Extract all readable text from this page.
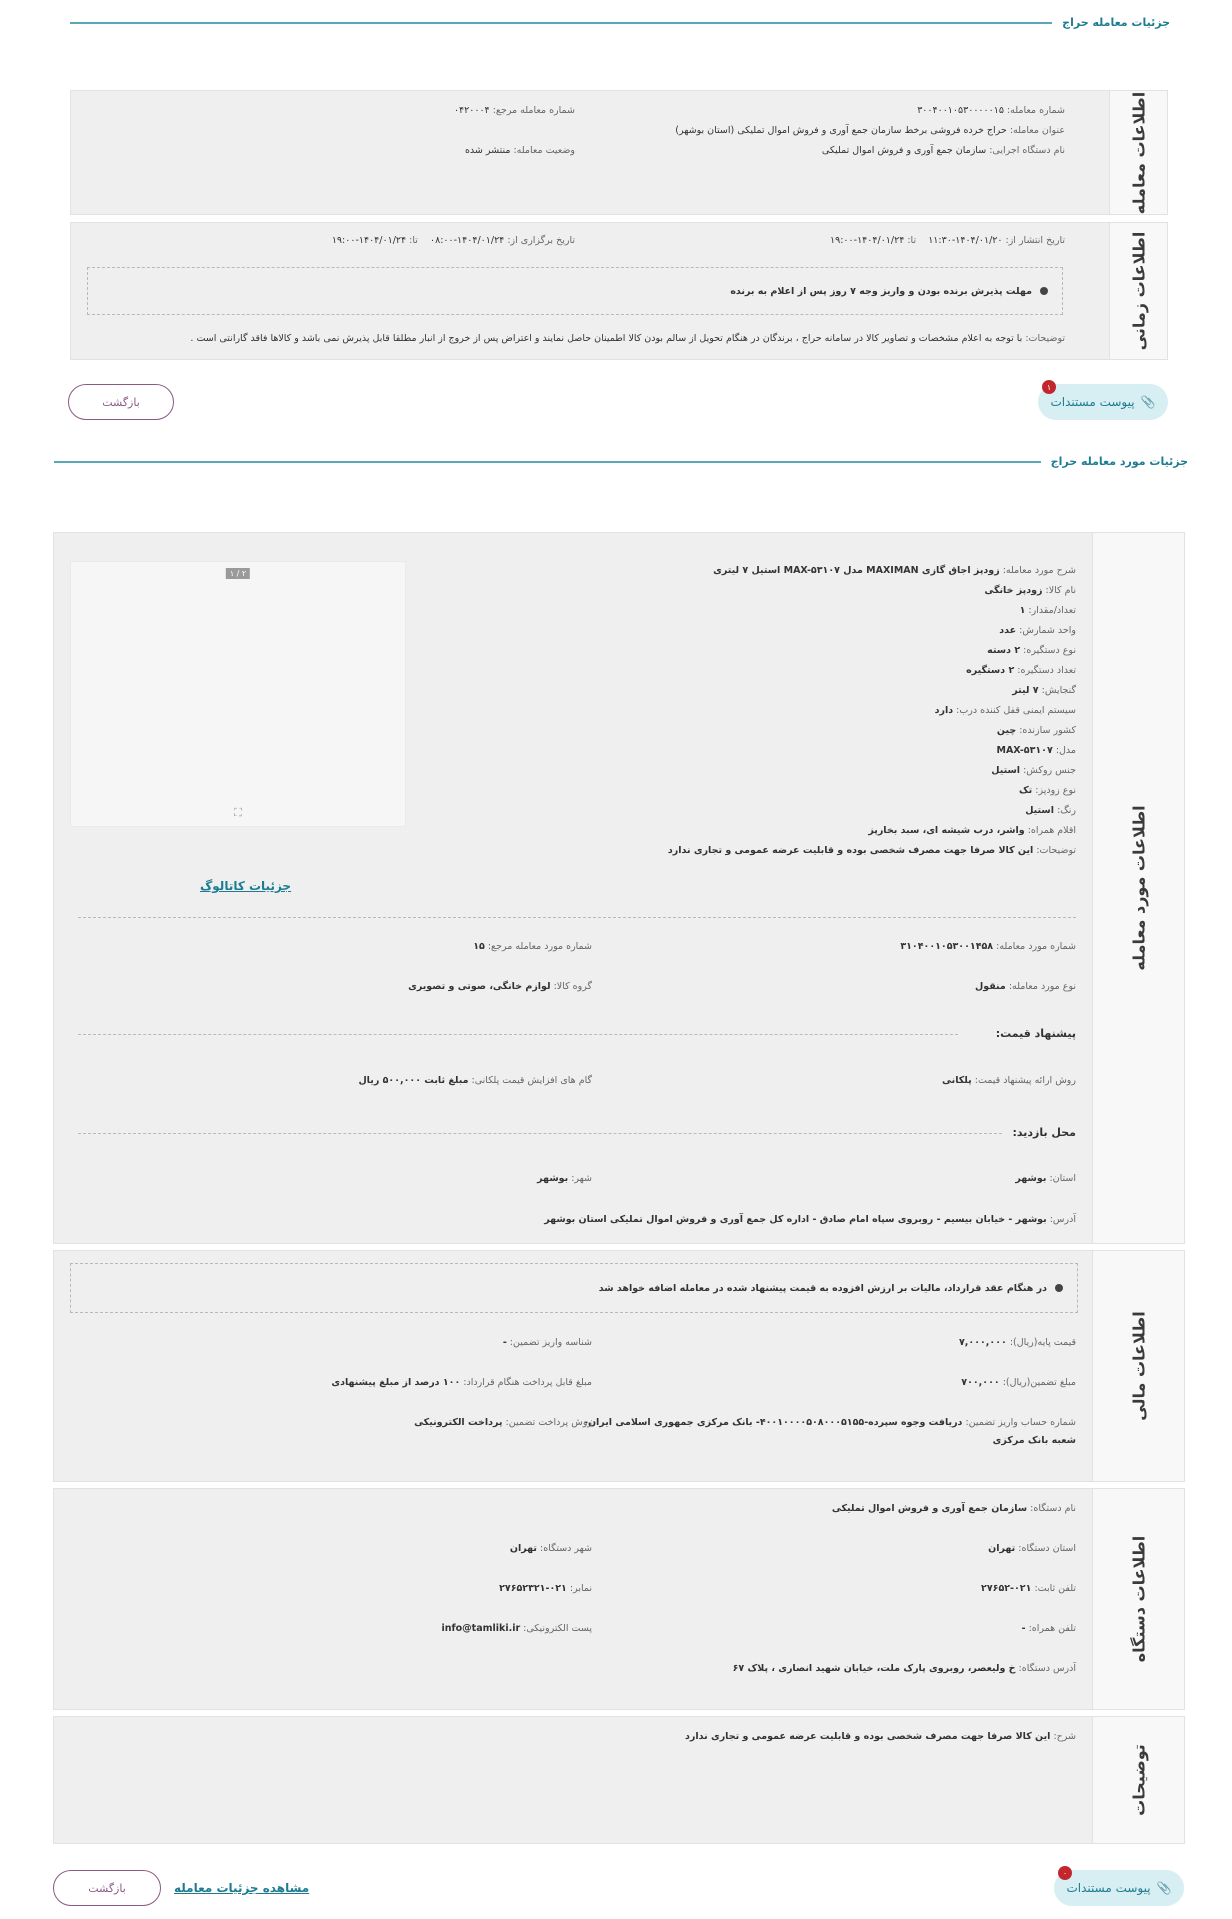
جزئیات معامله حراج
اطلاعات معامله
شماره معامله: ۳۰۰۴۰۰۱۰۵۳۰۰۰۰۰۱۵
شماره معامله مرجع: ۰۴۲۰۰۰۴
عنوان معامله: حراج خرده فروشی برخط سازمان جمع آوری و فروش اموال تملیکی (استان بوشهر)
نام دستگاه اجرایی: سازمان جمع آوری و فروش اموال تملیکی
وضعیت معامله: منتشر شده
اطلاعات زمانی
تاریخ انتشار از: ۱۴۰۴/۰۱/۲۰-۱۱:۳۰    تا: ۱۴۰۴/۰۱/۲۴-۱۹:۰۰
تاریخ برگزاری از: ۱۴۰۴/۰۱/۲۴-۰۸:۰۰    تا: ۱۴۰۴/۰۱/۲۴-۱۹:۰۰
مهلت پذیرش برنده بودن و واریز وجه ۷ روز پس از اعلام به برنده
توضیحات: با توجه به اعلام مشخصات و تصاویر کالا در سامانه حراج ، برندگان در هنگام تحویل از سالم بودن کالا اطمینان حاصل نمایند و اعتراض پس از خروج از انبار مطلقا قابل پذیرش نمی باشد و کالاها فاقد گارانتی است .
۱
📎
پیوست مستندات
بازگشت
جزئیات مورد معامله حراج
اطلاعات مورد معامله
شرح مورد معامله: زودپز اجاق گازی MAXIMAN مدل MAX-۵۳۱۰۷ استیل ۷ لیتری
نام کالا: زودپز خانگی
تعداد/مقدار: ۱
واحد شمارش: عدد
نوع دستگیره: ۲ دسته
تعداد دستگیره: ۲ دستگیره
گنجایش: ۷ لیتر
سیستم ایمنی قفل کننده درب: دارد
کشور سازنده: چین
مدل: MAX-۵۳۱۰۷
جنس روکش: استیل
نوع زودپز: تک
رنگ: استیل
اقلام همراه: واشر، درب شیشه ای، سبد بخارپز
توضیحات: این کالا صرفا جهت مصرف شخصی بوده و قابلیت عرضه عمومی و تجاری ندارد
۱ / ۲
⛶
جزئیات کاتالوگ
شماره مورد معامله: ۳۱۰۴۰۰۱۰۵۳۰۰۱۴۵۸
شماره مورد معامله مرجع: ۱۵
نوع مورد معامله: منقول
گروه کالا: لوازم خانگی، صوتی و تصویری
پیشنهاد قیمت:
روش ارائه پیشنهاد قیمت: پلکانی
گام های افزایش قیمت پلکانی: مبلغ ثابت ۵۰۰,۰۰۰ ریال
محل بازدید:
استان: بوشهر
شهر: بوشهر
آدرس: بوشهر - خیابان بیسیم - روبروی سپاه امام صادق - اداره کل جمع آوری و فروش اموال تملیکی استان بوشهر
اطلاعات مالی
در هنگام عقد قرارداد، مالیات بر ارزش افزوده به قیمت پیشنهاد شده در معامله اضافه خواهد شد
قیمت پایه(ریال): ۷,۰۰۰,۰۰۰
شناسه واریز تضمین: -
مبلغ تضمین(ریال): ۷۰۰,۰۰۰
مبلغ قابل پرداخت هنگام قرارداد: ۱۰۰ درصد از مبلغ پیشنهادی
شماره حساب واریز تضمین: دریافت وجوه سپرده-۴۰۰۱۰۰۰۰۵۰۸۰۰۰۵۱۵۵- بانک مرکزی جمهوری اسلامی ایران-
شعبه بانک مرکزی
روش پرداخت تضمین: پرداخت الکترونیکی
اطلاعات دستگاه
نام دستگاه: سازمان جمع آوری و فروش اموال تملیکی
استان دستگاه: تهران
شهر دستگاه: تهران
تلفن ثابت: ۰۲۱-۲۷۶۵۲
نمابر: ۰۲۱-۲۷۶۵۲۳۲۱
تلفن همراه: -
پست الکترونیکی: info@tamliki.ir
آدرس دستگاه: خ ولیعصر، روبروی پارک ملت، خیابان شهید انصاری ، پلاک ۶۷
توضیحات
شرح: این کالا صرفا جهت مصرف شخصی بوده و قابلیت عرضه عمومی و تجاری ندارد
۰
📎
پیوست مستندات
مشاهده جزئیات معامله
بازگشت
